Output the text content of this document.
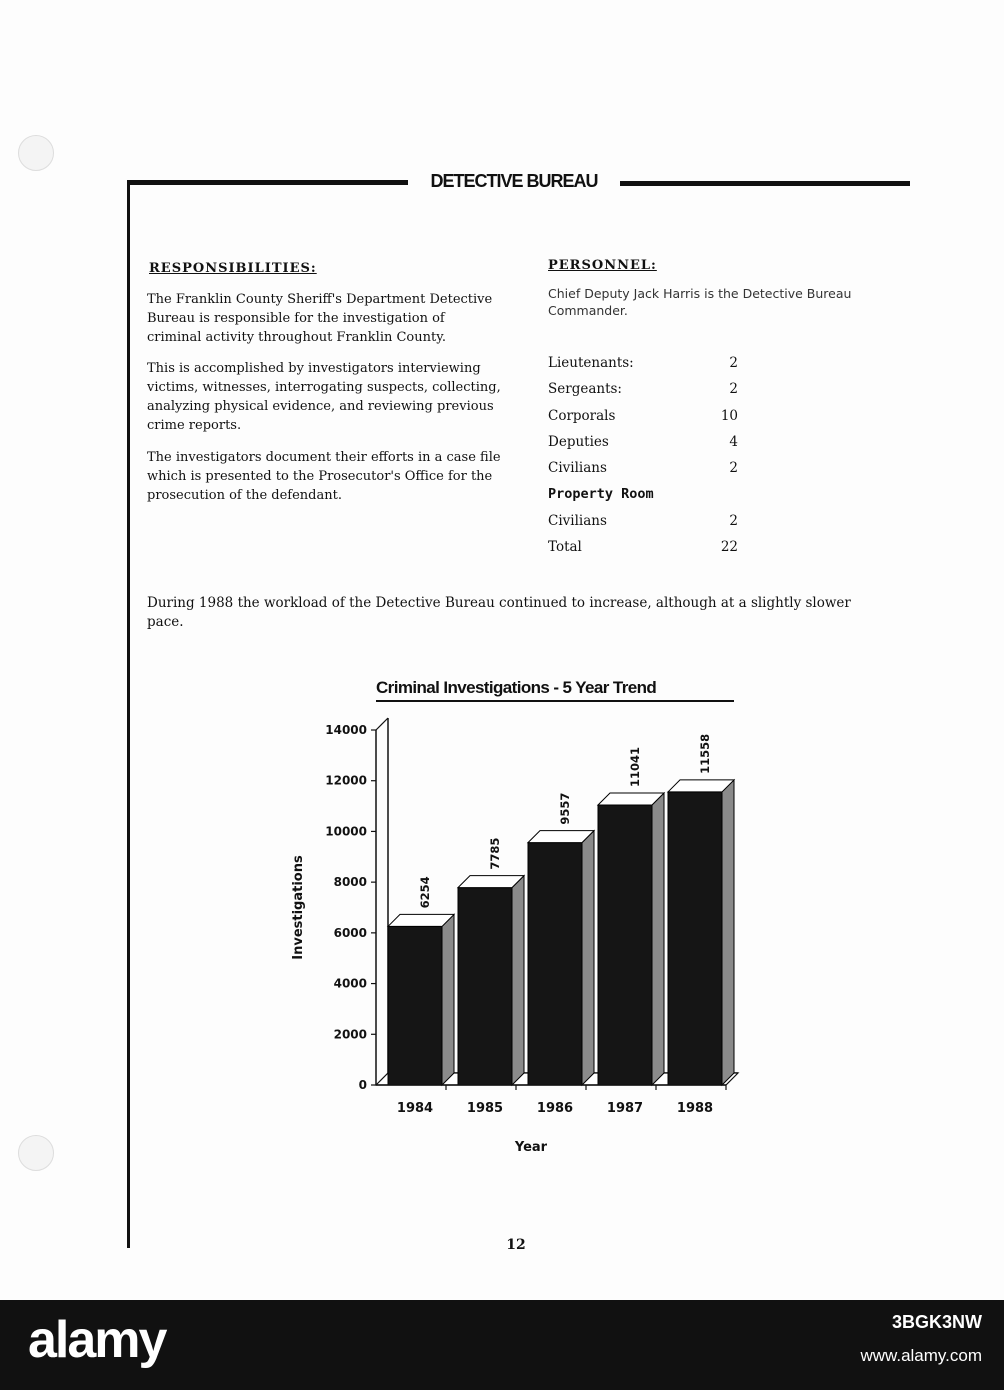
DETECTIVE BUREAU
RESPONSIBILITIES:

The Franklin County Sheriff's Department Detective Bureau is responsible for the investigation of criminal activity throughout Franklin County.

This is accomplished by investigators interviewing victims, witnesses, interrogating suspects, collecting, analyzing physical evidence, and reviewing previous crime reports.

The investigators document their efforts in a case file which is presented to the Prosecutor's Office for the prosecution of the defendant.

PERSONNEL:

Chief Deputy Jack Harris is the Detective Bureau Commander.

Lieutenants:	2
Sergeants:	2
Corporals	10
Deputies	4
Civilians	2
Property Room
Civilians	2
Total	22

During 1988 the workload of the Detective Bureau continued to increase, although at a slightly slower pace.

Criminal Investigations - 5 Year Trend
0
2000
4000
6000
8000
10000
12000
14000
Investigations	6254
1984
7785
1985
9557
1986
11041
1987
11558
1988
Year
12
alamy	3BGK3NW
www.alamy.com
